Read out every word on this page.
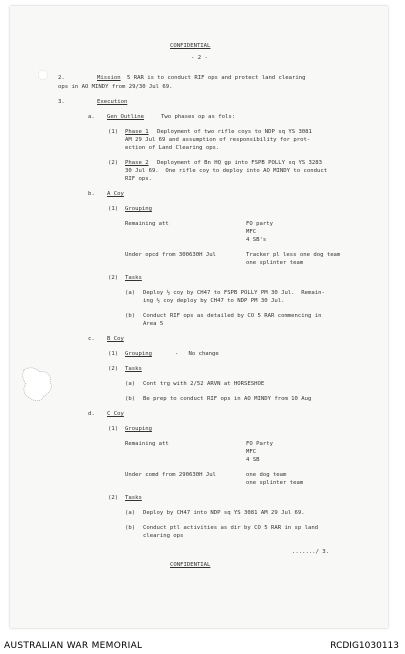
CONFIDENTIAL
- 2 -
2.	Mission 5 RAR is to conduct RIF ops and protect land clearing
ops in AO MINDY from 29/30 Jul 69.
3.	Execution
a. Gen Outline	Two phases op as fols:
(1) Phase 1 Deployment of two rifle coys to NDP sq YS 3081
AM 29 Jul 69 and assumption of responsibility for prot-
ection of Land Clearing ops.
(2) Phase 2 Deployment of Bn HQ gp into FSPB POLLY sq YS 3283
30 Jul 69.  One rifle coy to deploy into AO MINDY to conduct
RIF ops.
b. A Coy
(1) Grouping
Remaining att	FO party
MFC
4 SB's
Under opcd from 300630H Jul	Tracker pl less one dog team
one splinter team
(2) Tasks
(a) Deploy ½ coy by CH47 to FSPB POLLY PM 30 Jul.  Remain-
ing ½ coy deploy by CH47 to NDP PM 30 Jul.
(b) Conduct RIF ops as detailed by CO 5 RAR commencing in
Area 5
c. B Coy
(1) Grouping	-   No change
(2) Tasks
(a) Cont trg with 2/52 ARVN at HORSESHOE
(b) Be prep to conduct RIF ops in AO MINDY from 10 Aug
d. C Coy
(1) Grouping
Remaining att	FO Party
MFC
4 SB
Under comd from 290630H Jul	one dog team
one splinter team
(2) Tasks
(a) Deploy by CH47 into NDP sq YS 3081 AM 29 Jul 69.
(b) Conduct ptl activities as dir by CO 5 RAR in sp land
clearing ops
......./ 3.
CONFIDENTIAL
AUSTRALIAN WAR MEMORIAL	RCDIG1030113
